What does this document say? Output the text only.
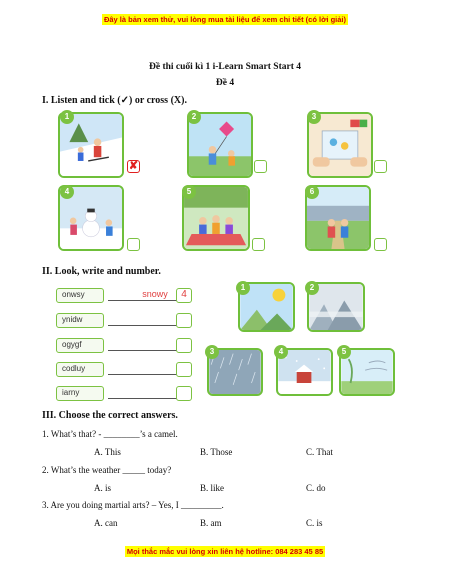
Đây là bản xem thử, vui lòng mua tài liệu để xem chi tiết (có lời giải)
Đề thi cuối kì 1 i-Learn Smart Start 4
Đề 4
I. Listen and tick (✓) or cross (X).
1
✘
2	3
4	5	6
II. Look, write and number.
onwsy	snowy	4
ynidw
ogygf
codluy
iarny
1	2
3	4	5
III. Choose the correct answers.
1. What’s that? - ________’s a camel.
A. This	B. Those	C. That
2. What’s the weather _____ today?
A. is	B. like	C. do
3. Are you doing martial arts? – Yes, I _________.
A. can	B. am	C. is
Mọi thắc mắc vui lòng xin liên hệ hotline: 084 283 45 85
